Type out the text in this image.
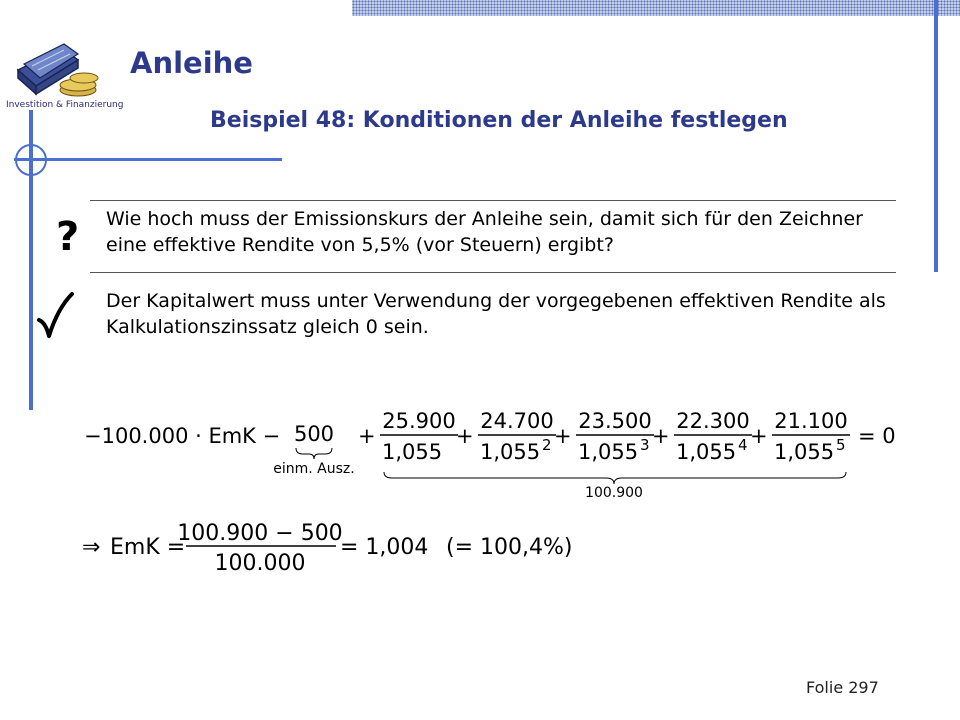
Investition & Finanzierung
Anleihe
Beispiel 48: Konditionen der Anleihe festlegen
? Wie hoch muss der Emissionskurs der Anleihe sein, damit sich für den Zeichner eine effektive Rendite von 5,5% (vor Steuern) ergibt?
Der Kapitalwert muss unter Verwendung der vorgegebenen effektiven Rendite als Kalkulationszinssatz gleich 0 sein.
−100.000 · EmK − 500
einm. Ausz.
+
25.900
1,055
+
24.700
1,055 2 +
23.500
1,055 3 +
22.300
1,055 4 +
21.100
1,055 5 = 0
100.900
⇒ EmK =
100.900 − 500
100.000
= 1,004 (= 100,4%)
Folie 297
